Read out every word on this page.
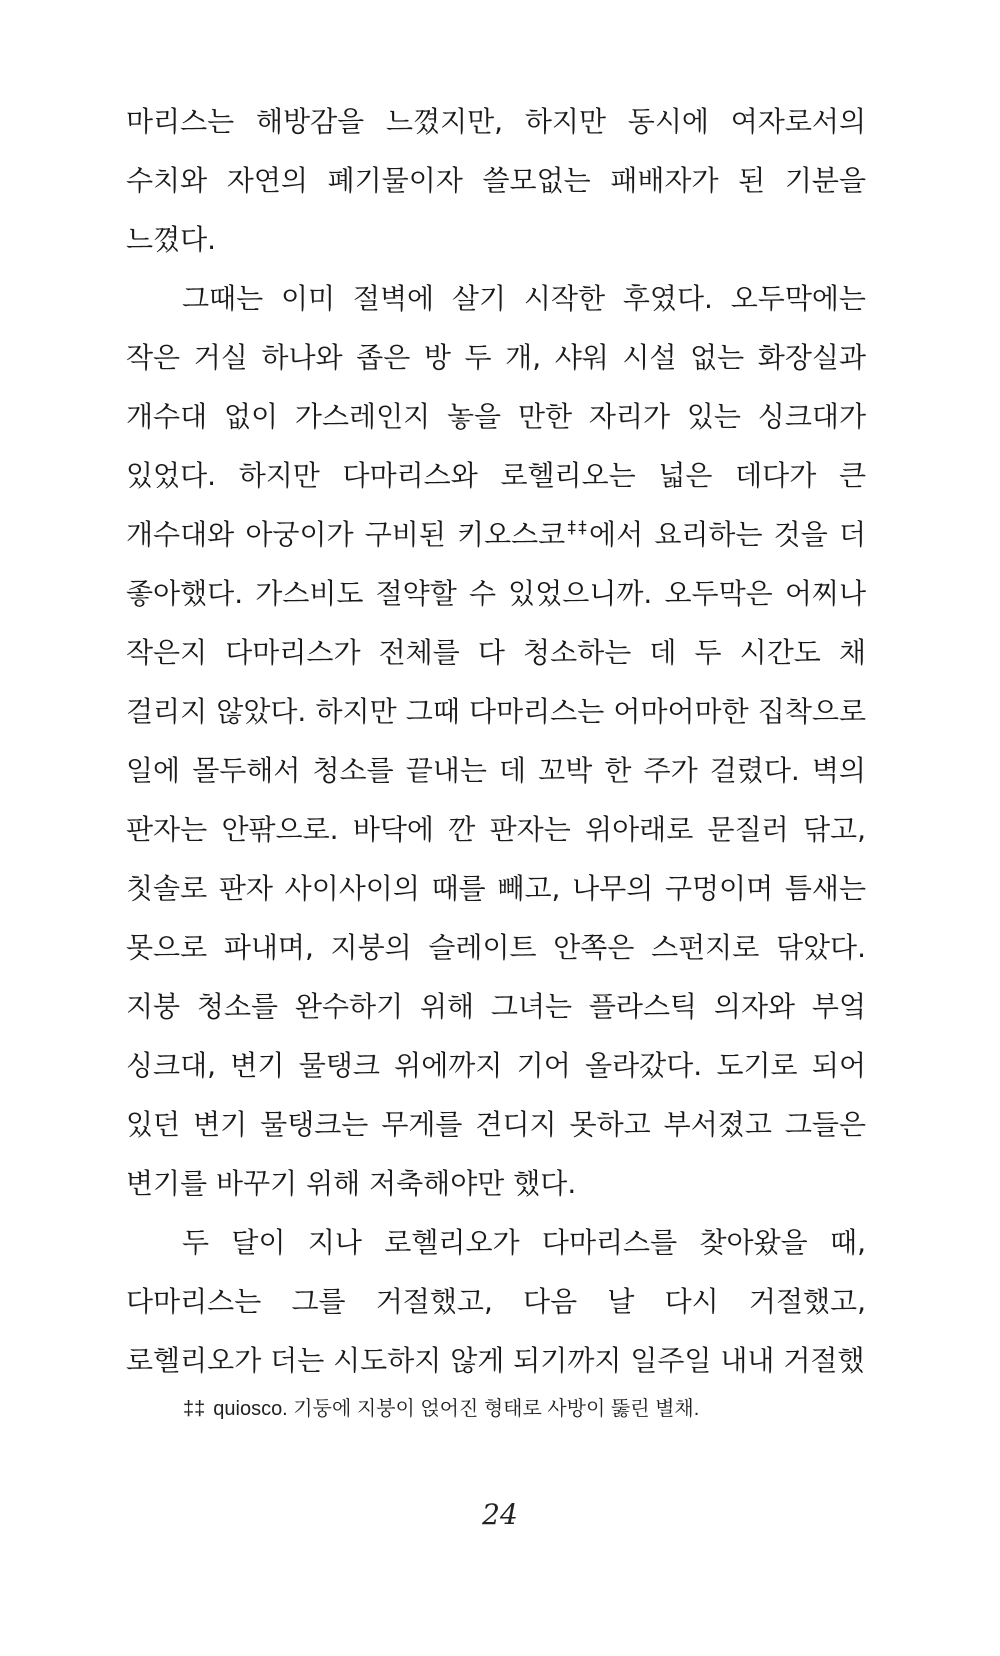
마리스는 해방감을 느꼈지만, 하지만 동시에 여자로서의 수치와 자연의 폐기물이자 쓸모없는 패배자가 된 기분을 느꼈다.

그때는 이미 절벽에 살기 시작한 후였다. 오두막에는 작은 거실 하나와 좁은 방 두 개, 샤워 시설 없는 화장실과 개수대 없이 가스레인지 놓을 만한 자리가 있는 싱크대가 있었다. 하지만 다마리스와 로헬리오는 넓은 데다가 큰 개수대와 아궁이가 구비된 키오스코‡‡에서 요리하는 것을 더 좋아했다. 가스비도 절약할 수 있었으니까. 오두막은 어찌나 작은지 다마리스가 전체를 다 청소하는 데 두 시간도 채 걸리지 않았다. 하지만 그때 다마리스는 어마어마한 집착으로 일에 몰두해서 청소를 끝내는 데 꼬박 한 주가 걸렸다. 벽의 판자는 안팎으로. 바닥에 깐 판자는 위아래로 문질러 닦고, 칫솔로 판자 사이사이의 때를 빼고, 나무의 구멍이며 틈새는 못으로 파내며, 지붕의 슬레이트 안쪽은 스펀지로 닦았다. 지붕 청소를 완수하기 위해 그녀는 플라스틱 의자와 부엌 싱크대, 변기 물탱크 위에까지 기어 올라갔다. 도기로 되어 있던 변기 물탱크는 무게를 견디지 못하고 부서졌고 그들은 변기를 바꾸기 위해 저축해야만 했다.

두 달이 지나 로헬리오가 다마리스를 찾아왔을 때, 다마리스는 그를 거절했고, 다음 날 다시 거절했고, 로헬리오가 더는 시도하지 않게 되기까지 일주일 내내 거절했

‡‡ quiosco. 기둥에 지붕이 얹어진 형태로 사방이 뚫린 별채.

24
